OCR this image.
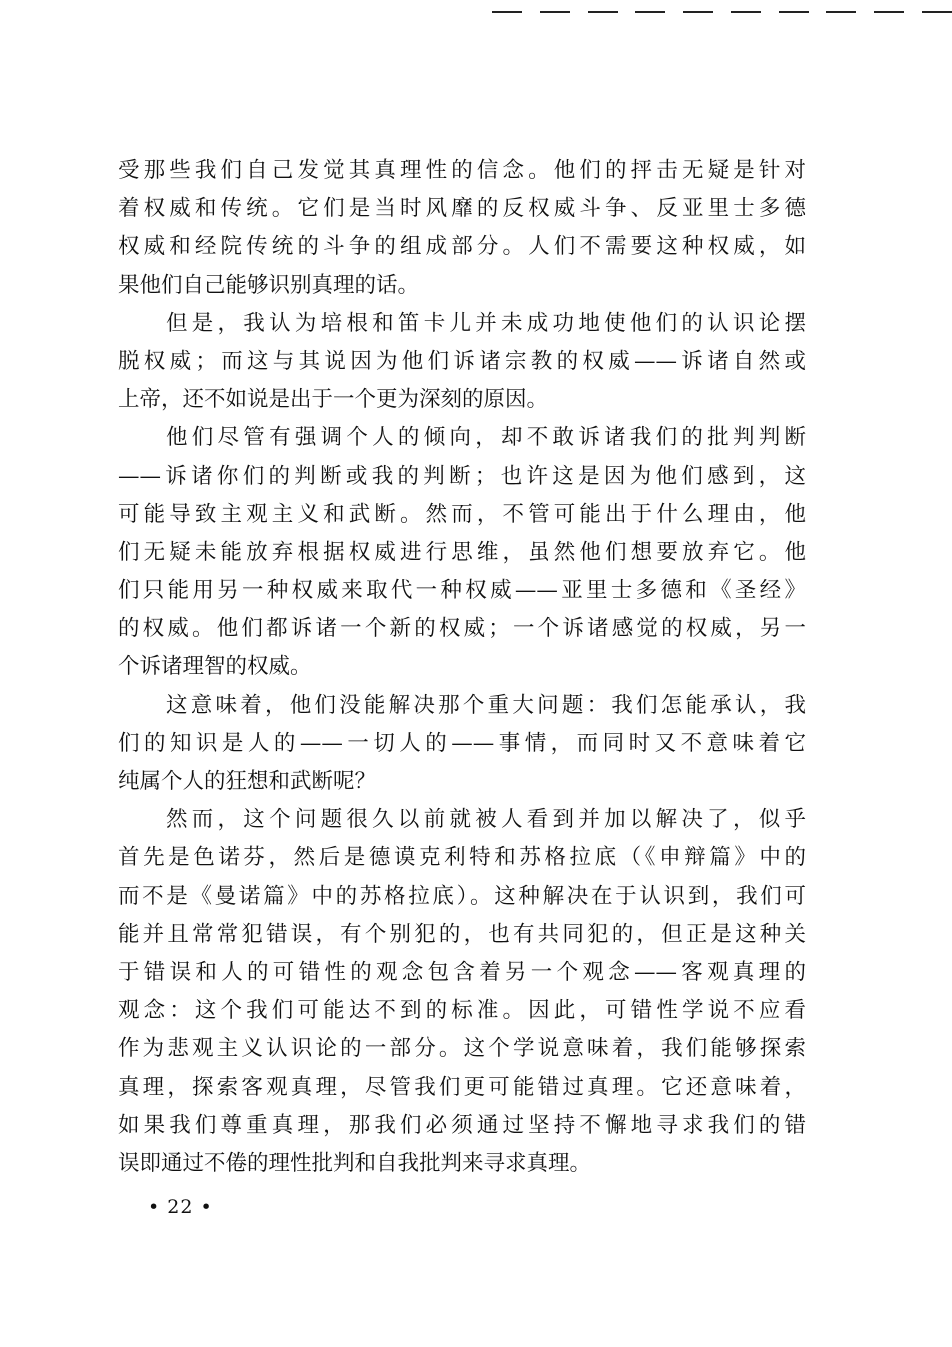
受那些我们自己发觉其真理性的信念。他们的抨击无疑是针对
着权威和传统。它们是当时风靡的反权威斗争、反亚里士多德
权威和经院传统的斗争的组成部分。人们不需要这种权威，如
果他们自己能够识别真理的话。
但是，我认为培根和笛卡儿并未成功地使他们的认识论摆
脱权威；而这与其说因为他们诉诸宗教的权威——诉诸自然或
上帝，还不如说是出于一个更为深刻的原因。
他们尽管有强调个人的倾向，却不敢诉诸我们的批判判断
——诉诸你们的判断或我的判断；也许这是因为他们感到，这
可能导致主观主义和武断。然而，不管可能出于什么理由，他
们无疑未能放弃根据权威进行思维，虽然他们想要放弃它。他
们只能用另一种权威来取代一种权威——亚里士多德和《圣经》
的权威。他们都诉诸一个新的权威；一个诉诸感觉的权威，另一
个诉诸理智的权威。
这意味着，他们没能解决那个重大问题：我们怎能承认，我
们的知识是人的——一切人的——事情，而同时又不意味着它
纯属个人的狂想和武断呢？
然而，这个问题很久以前就被人看到并加以解决了，似乎
首先是色诺芬，然后是德谟克利特和苏格拉底（《申辩篇》中的
而不是《曼诺篇》中的苏格拉底）。这种解决在于认识到，我们可
能并且常常犯错误，有个别犯的，也有共同犯的，但正是这种关
于错误和人的可错性的观念包含着另一个观念——客观真理的
观念：这个我们可能达不到的标准。因此，可错性学说不应看
作为悲观主义认识论的一部分。这个学说意味着，我们能够探索
真理，探索客观真理，尽管我们更可能错过真理。它还意味着，
如果我们尊重真理，那我们必须通过坚持不懈地寻求我们的错
误即通过不倦的理性批判和自我批判来寻求真理。
• 22 •
